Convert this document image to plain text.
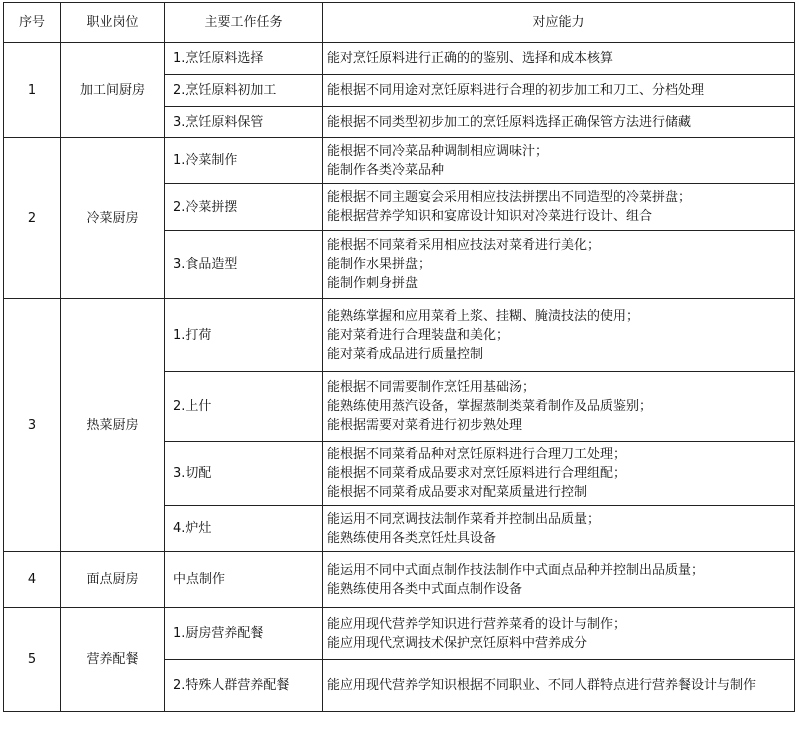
序号	职业岗位	主要工作任务	对应能力
1	加工间厨房	1.烹饪原料选择	能对烹饪原料进行正确的的鉴别、选择和成本核算

		2.烹饪原料初加工	能根据不同用途对烹饪原料进行合理的初步加工和刀工、分档处理

		3.烹饪原料保管	能根据不同类型初步加工的烹饪原料选择正确保管方法进行储藏

2	冷菜厨房	1.冷菜制作	能根据不同冷菜品种调制相应调味汁；
能制作各类冷菜品种

		2.冷菜拼摆	能根据不同主题宴会采用相应技法拼摆出不同造型的冷菜拼盘；
能根据营养学知识和宴席设计知识对冷菜进行设计、组合

		3.食品造型	能根据不同菜肴采用相应技法对菜肴进行美化；
能制作水果拼盘；
能制作刺身拼盘

3	热菜厨房	1.打荷	能熟练掌握和应用菜肴上浆、挂糊、腌渍技法的使用；
能对菜肴进行合理装盘和美化；
能对菜肴成品进行质量控制

		2.上什	能根据不同需要制作烹饪用基础汤；
能熟练使用蒸汽设备，掌握蒸制类菜肴制作及品质鉴别；
能根据需要对菜肴进行初步熟处理

		3.切配	能根据不同菜肴品种对烹饪原料进行合理刀工处理；
能根据不同菜肴成品要求对烹饪原料进行合理组配；
能根据不同菜肴成品要求对配菜质量进行控制

		4.炉灶	能运用不同烹调技法制作菜肴并控制出品质量；
能熟练使用各类烹饪灶具设备

4	面点厨房	中点制作	能运用不同中式面点制作技法制作中式面点品种并控制出品质量；
能熟练使用各类中式面点制作设备

5	营养配餐	1.厨房营养配餐	能应用现代营养学知识进行营养菜肴的设计与制作；
能应用现代烹调技术保护烹饪原料中营养成分

		2.特殊人群营养配餐	能应用现代营养学知识根据不同职业、不同人群特点进行营养餐设计与制作
